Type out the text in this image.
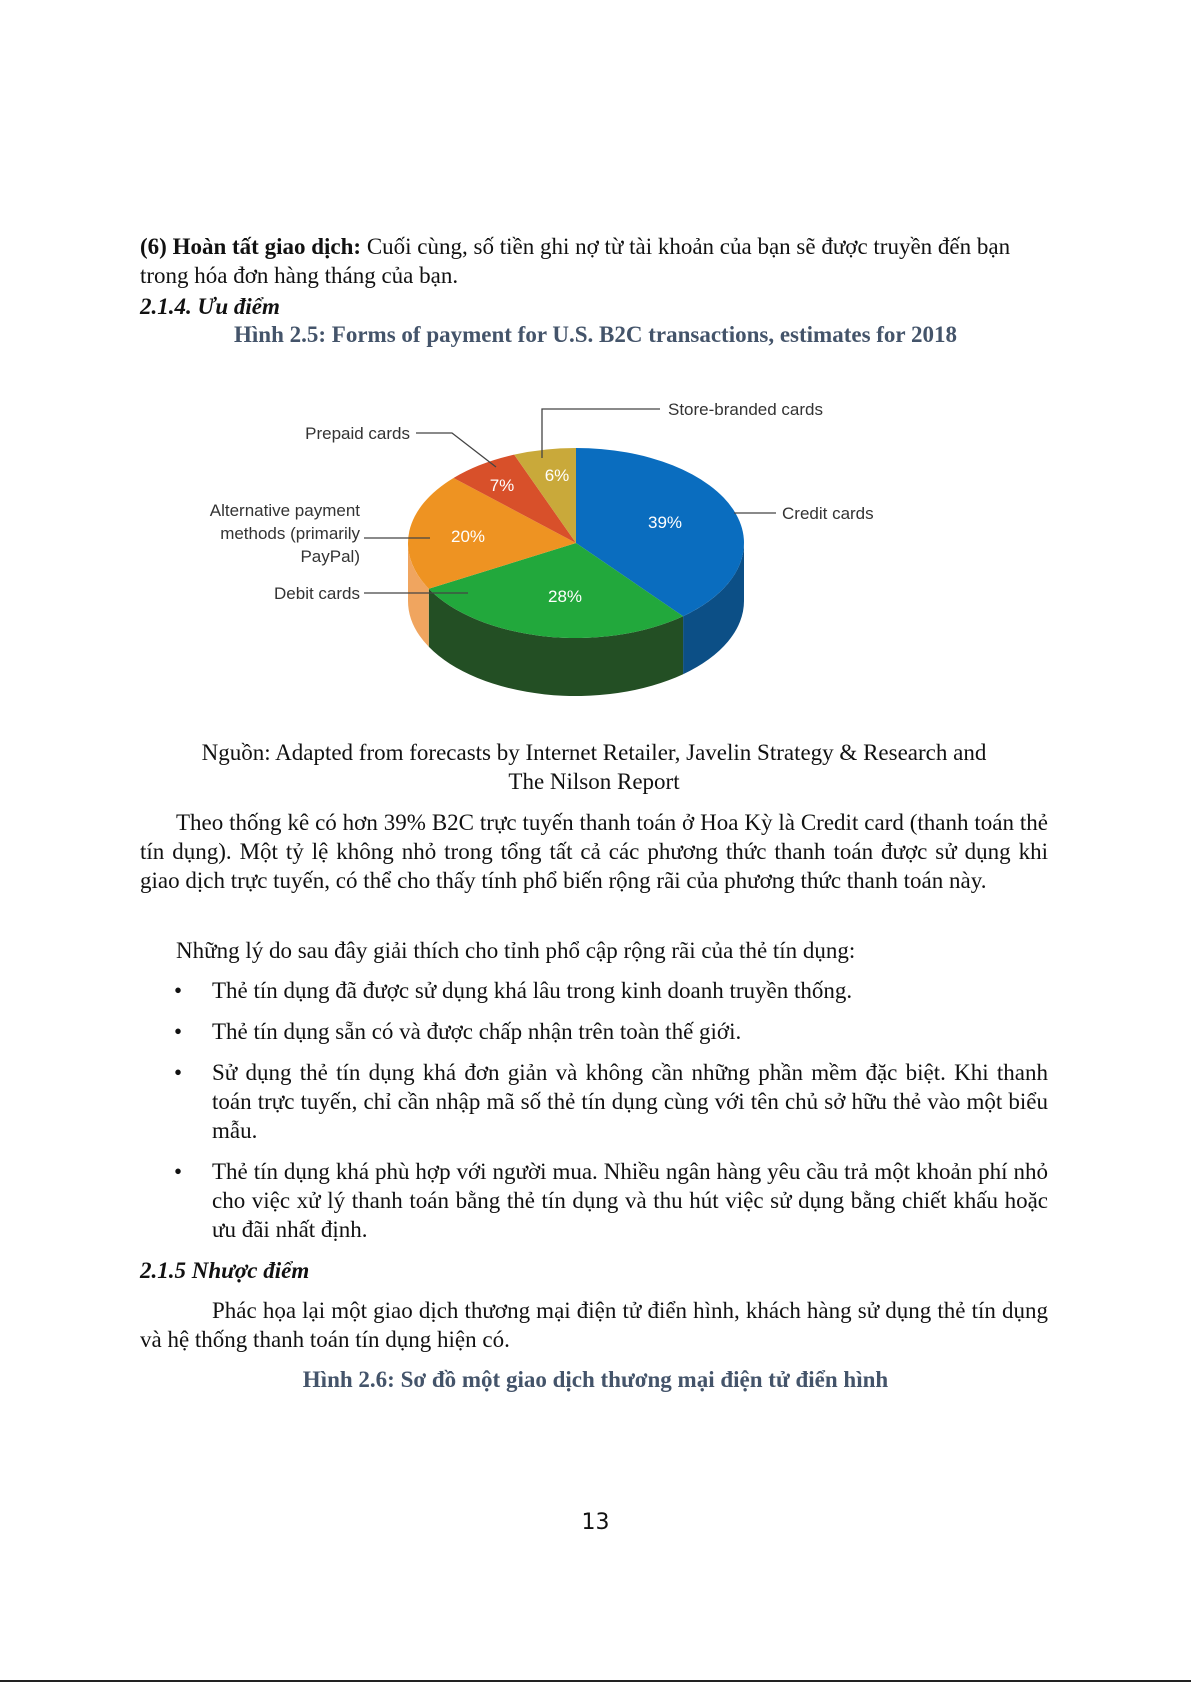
(6) Hoàn tất giao dịch: Cuối cùng, số tiền ghi nợ từ tài khoản của bạn sẽ được truyền đến bạn trong hóa đơn hàng tháng của bạn.
2.1.4. Ưu điểm
Hình 2.5: Forms of payment for U.S. B2C transactions, estimates for 2018
Store-branded cards
Prepaid cards
Alternative payment
methods (primarily
PayPal)
Debit cards
Credit cards
39%
28%
20%
7%
6%
Nguồn: Adapted from forecasts by Internet Retailer, Javelin Strategy & Research and
The Nilson Report
Theo thống kê có hơn 39% B2C trực tuyến thanh toán ở Hoa Kỳ là Credit card (thanh toán thẻ tín dụng). Một tỷ lệ không nhỏ trong tổng tất cả các phương thức thanh toán được sử dụng khi giao dịch trực tuyến, có thể cho thấy tính phổ biến rộng rãi của phương thức thanh toán này.
Những lý do sau đây giải thích cho tỉnh phổ cập rộng rãi của thẻ tín dụng:
• Thẻ tín dụng đã được sử dụng khá lâu trong kinh doanh truyền thống.
• Thẻ tín dụng sẵn có và được chấp nhận trên toàn thế giới.
• Sử dụng thẻ tín dụng khá đơn giản và không cần những phần mềm đặc biệt. Khi thanh toán trực tuyến, chỉ cần nhập mã số thẻ tín dụng cùng với tên chủ sở hữu thẻ vào một biểu mẫu.
• Thẻ tín dụng khá phù hợp với người mua. Nhiều ngân hàng yêu cầu trả một khoản phí nhỏ cho việc xử lý thanh toán bằng thẻ tín dụng và thu hút việc sử dụng bằng chiết khấu hoặc ưu đãi nhất định.
2.1.5 Nhược điểm
Phác họa lại một giao dịch thương mại điện tử điển hình, khách hàng sử dụng thẻ tín dụng và hệ thống thanh toán tín dụng hiện có.
Hình 2.6: Sơ đồ một giao dịch thương mại điện tử điển hình
13
